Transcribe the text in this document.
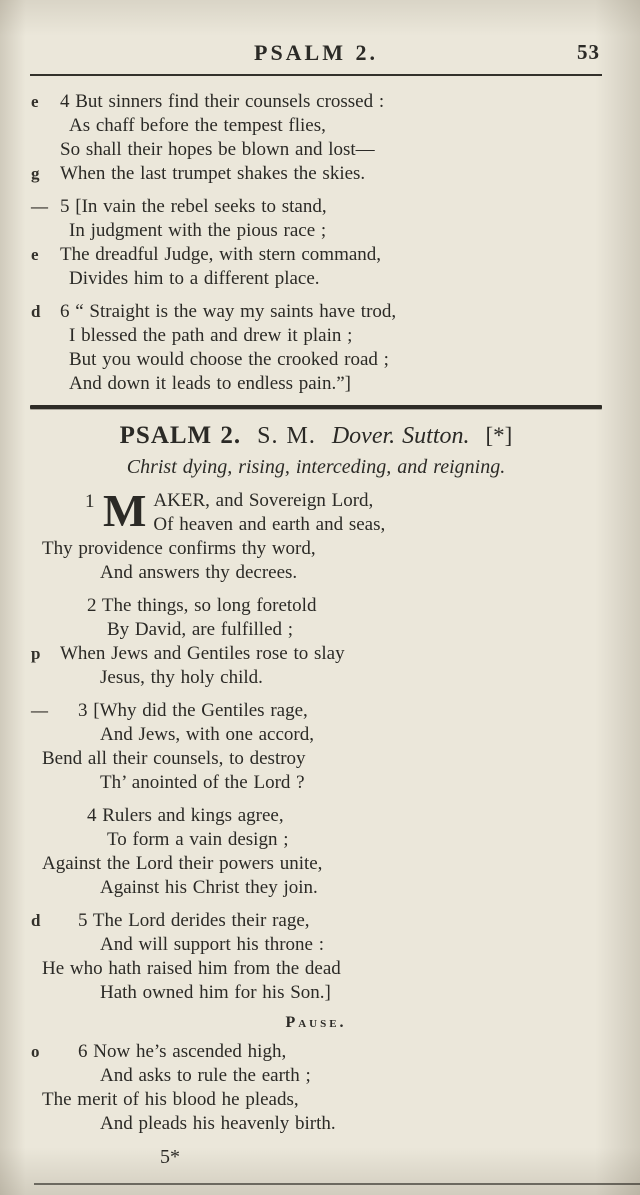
PSALM 2.	53
e 4 But sinners find their counsels crossed :
As chaff before the tempest flies,
So shall their hopes be blown and lost—
g When the last trumpet shakes the skies.
— 5 [In vain the rebel seeks to stand,
In judgment with the pious race ;
e The dreadful Judge, with stern command,
Divides him to a different place.
d 6 “ Straight is the way my saints have trod,
I blessed the path and drew it plain ;
But you would choose the crooked road ;
And down it leads to endless pain.”]
PSALM 2. S. M. Dover. Sutton. [*]
Christ dying, rising, interceding, and reigning.
1 M AKER, and Sovereign Lord,
Of heaven and earth and seas,
Thy providence confirms thy word,
And answers thy decrees.
2 The things, so long foretold
By David, are fulfilled ;
p When Jews and Gentiles rose to slay
Jesus, thy holy child.
— 3 [Why did the Gentiles rage,
And Jews, with one accord,
Bend all their counsels, to destroy
Th’ anointed of the Lord ?
4 Rulers and kings agree,
To form a vain design ;
Against the Lord their powers unite,
Against his Christ they join.
d 5 The Lord derides their rage,
And will support his throne :
He who hath raised him from the dead
Hath owned him for his Son.]
Pause.
o 6 Now he’s ascended high,
And asks to rule the earth ;
The merit of his blood he pleads,
And pleads his heavenly birth.
5*
